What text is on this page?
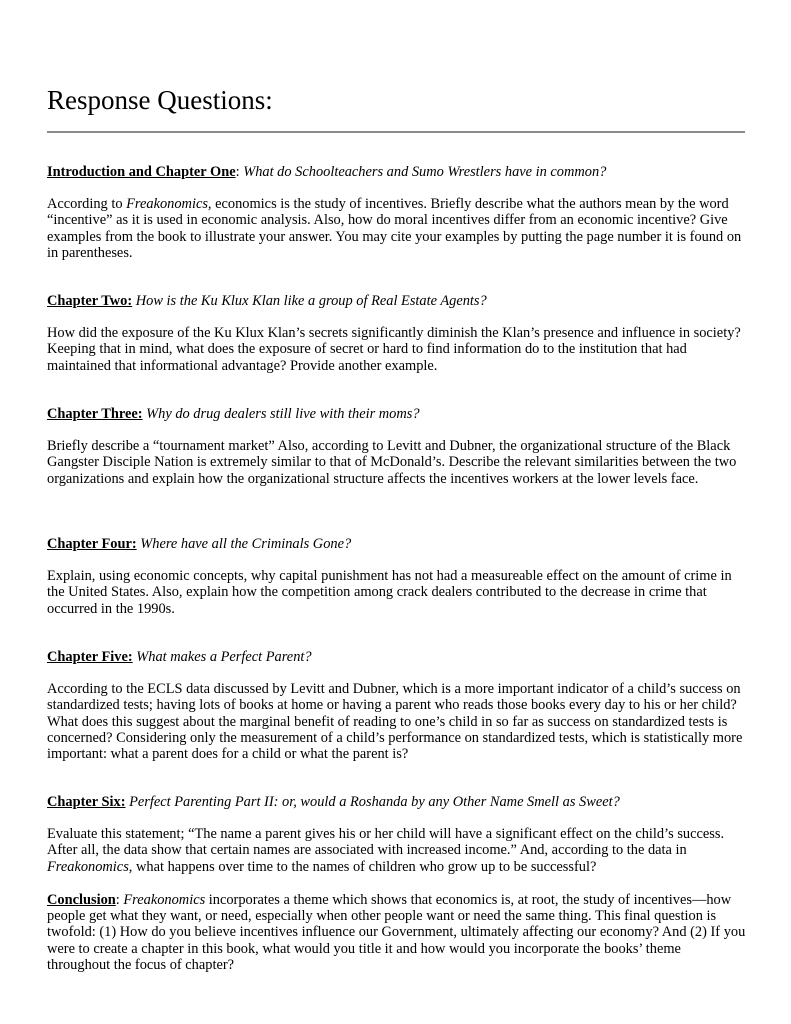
Response Questions:

Introduction and Chapter One: What do Schoolteachers and Sumo Wrestlers have in common?

According to Freakonomics, economics is the study of incentives. Briefly describe what the authors mean by the word “incentive” as it is used in economic analysis. Also, how do moral incentives differ from an economic incentive? Give examples from the book to illustrate your answer. You may cite your examples by putting the page number it is found on in parentheses.

Chapter Two: How is the Ku Klux Klan like a group of Real Estate Agents?

How did the exposure of the Ku Klux Klan’s secrets significantly diminish the Klan’s presence and influence in society? Keeping that in mind, what does the exposure of secret or hard to find information do to the institution that had maintained that informational advantage? Provide another example.

Chapter Three: Why do drug dealers still live with their moms?

Briefly describe a “tournament market” Also, according to Levitt and Dubner, the organizational structure of the Black Gangster Disciple Nation is extremely similar to that of McDonald’s. Describe the relevant similarities between the two organizations and explain how the organizational structure affects the incentives workers at the lower levels face.

Chapter Four: Where have all the Criminals Gone?

Explain, using economic concepts, why capital punishment has not had a measureable effect on the amount of crime in the United States. Also, explain how the competition among crack dealers contributed to the decrease in crime that occurred in the 1990s.

Chapter Five: What makes a Perfect Parent?

According to the ECLS data discussed by Levitt and Dubner, which is a more important indicator of a child’s success on standardized tests; having lots of books at home or having a parent who reads those books every day to his or her child? What does this suggest about the marginal benefit of reading to one’s child in so far as success on standardized tests is concerned? Considering only the measurement of a child’s performance on standardized tests, which is statistically more important: what a parent does for a child or what the parent is?

Chapter Six: Perfect Parenting Part II: or, would a Roshanda by any Other Name Smell as Sweet?

Evaluate this statement; “The name a parent gives his or her child will have a significant effect on the child’s success. After all, the data show that certain names are associated with increased income.” And, according to the data in Freakonomics, what happens over time to the names of children who grow up to be successful?

Conclusion: Freakonomics incorporates a theme which shows that economics is, at root, the study of incentives—how people get what they want, or need, especially when other people want or need the same thing. This final question is twofold: (1) How do you believe incentives influence our Government, ultimately affecting our economy? And (2) If you were to create a chapter in this book, what would you title it and how would you incorporate the books’ theme throughout the focus of chapter?
